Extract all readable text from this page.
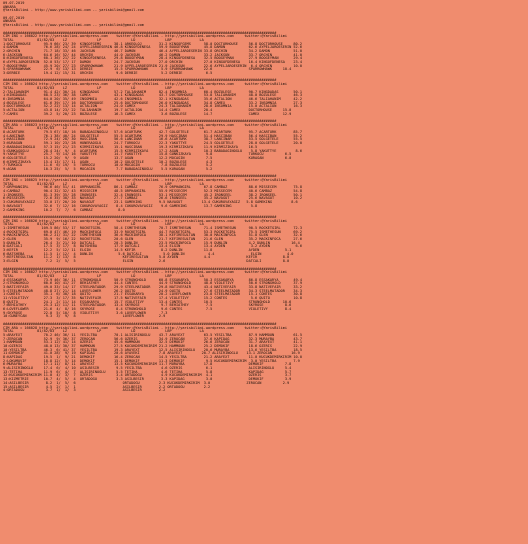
09.07.2019
ANKARA
@YarisBilimi - http://www.yarisbilimi.com -- yarisbilimi@gmail.com

09.07.2019
ANKARA
@YarisBilimi - http://www.yarisbilimi.com -- yarisbilimi@gmail.com

################################################################################################################################
CIM ING = 166022 http://yarisbilimi.wordpress.com    twitter:@YarisBilimi - http://yarisbilimi.wordpress.com     twitter:@YarisBilimi
TOTAL           81/82/83    LZ              LP              LD              LBP             LA
1:DOCTORHOUSE      95.9 66/ 23/ 39  KINGOFGEMS      38.1 ARKEOLOJ        31.2 KINGOFGEMS      58.0 DOCTORHOUSE     56.8 DOCTORHOUSE     80.2
4:DAMON            76.6 28/ 24/ 24  AYPELJAROESERIN 46.8 KINGOFDENESA    59.9 BOOGEYMAN       45.8 DAMON           62.6 AYPELJAROESERIN 52.6
2:ORCHIN           71.7 18/ 33/ 46  JACKSUN         46.7 DAMON           46.4 AYPELJAROESERIN 33.8 ORCHIN          34.2 DAMON           51.0
6:JACKSUN          64.6 16/ 52/ 44  ORCHIN          44.0 JACKSUN         46.2 DAMON           33.2 JACKSUN         33.7 ORCHIN          41.0
8:KINGOFDENESA     60.1 36/ 21/ 22  KINGOFDENESA    29.8 BOOGEYMAN       28.4 KINGOFDENESA    32.5 BOOGEYMAN       27.9 BOOGEYMAN       29.4
6:AYPELJAROESERIN  52.0 53/ 17/ 17  DAMON           24.7 JACKSUN         27.0 ORCHIN          27.0 KINGOFDENESA    16.4 KINGOFDENESA    23.4
7:BOOGEYMAN        45.9 20/ 27/ 23  SPARROWHAWK     21.9 AYPELJAROESERIN 21.9 JACKSUN         22.6 AYPELJAROESERIN  6.4 ORCHIN          10.0
5:SPARROWHAWK      22.9  6/ 13/ 13  DERBIE          15.5 SPARROWHAWK      5.9 SPARROWHAWK     22.6                 SPARROWHAWK     10.4
3:DERBIE           19.4 12/ 15/ 31  ORCHIN           9.6 DERBIE           5.2 DERBIE           6.5

################################################################################################################################
CIM ING = 166024 http://yarisbilimi.wordpress.com    twitter:@YarisBilimi - http://yarisbilimi.wordpress.com     twitter:@YarisBilimi
TOTAL           81/82/83    LZ              LP              LD              LBP             LA
2:TALIAHANIM       91.4 42/ 30/ 24  KINGDADAS       57.2 TALIAHANIM      82.4 INSOMNIA        60.4 BOZULESE        90.7 KINGDADAS       50.1
1:KINGDADAS        68.5 23/ 36/ 38  CAMEX           43.1 KINGDADAS       43.7 DOCTORHOUSE     53.8 TALIAHANIM      48.0 BOZULESE        46.3
6:INSOMNIA         64.0 20/ 35/ 49  INSOMNIA        42.6 INSOMNIA        32.1 KINGDADAS       35.6 ACTALION        46.6 TALIAHANIM      42.2
4:BOZULESE         61.6 39/ 17/ 16  DOCTORHOUSE     25.6 DOCTORHOUSE     26.0 KINGDADAS       34.8 CAMEX           33.2 INSOMNIA        27.3
3:DOCTORHOUSE      52.2 22/ 13/ 14  ACTALION        24.0 CAMEX           24.3 TALIAHANIM      28.6 INSOMNIA        15.0 ACTALION        16.3
5:ACTALION         43.8 14/ 23/ 22  TALIAHANIM      19.7 ACTALION        14.4 CAMEX           20.4                 DOCTORHOUSE     15.0
7:CAMEX            39.2  5/ 20/ 23  BOZULESE        16.3 CAMEX            3.6 BOZULESE        14.7                 CAMEX           12.9

################################################################################################################################
CIM ARA = 166023 http://yarisbilimi.wordpress.com    twitter:@YarisBilimi - http://yarisbilimi.wordpress.com     twitter:@YarisBilimi
TOTAL           81/82/83    LZ              LP              LD              LBP             LA
8:ACARTURK         79.5 67/ 18/ 16  BABADAGINOGLU   57.6 ACARTURK        42.7 GOLGETELE       61.7 ACARTURK        95.7 ACARTURK        85.7
4:LANCINAR         76.1 38/ 40/ 24  GOLGETELE       55.5 ACARTURK        29.9 HASCIBAN        51.4 HASCIBAN        56.4 HASCIBAN        55.2
1:HASCIBAN         72.9 24/ 28/ 30  HASCIBAN        56.6 LANCINAR        16.6 ACARTURK        38.7 LANCINAR        53.5 GOLGETELE       55.5
3:KURAGAN          59.1 10/ 23/ 28  HUNERAOGLU      24.7 TURKOCU         22.3 YAKUTTYE        24.5 GOLGETELE       28.0 GOLGETELE       20.0
2:BABADAGINOGLU    57.3 15/ 21/ 23  KIRMIZIKAYA     15.1 HASCIBAN        19.3 KIRMIZIKAYA     11.9 KIRMIZIKAYA     16.5
5:GUNKAGOGLU       28.4 24/  9/  4  ACARTURK        15.5 KIRMIZIKAYA     17.2 AGAN            10.3 BABADAGINOGLU    5.8 YAKUTTYE         8.6
9:YAKUTTYE         25.7  9/ 14/ 16  YAKUTTYE        14.7 YAKUTTYE        15.8 GUNKIZKAYA       9.8                 TURKOCU          6.5
6:GOLGETELE        15.2 20/  9/  9  AGAN            13.7 AGAN            12.2 MOCAGIN          7.5                 KURAGAN          6.0
6:KIRMIZIKAYA      15.4 13/ 17/ 11  AGAN            10.2 GOLGETELE       10.2 BOZULESE         4.3
7:TURKOCU          11.6  6/ 19/  5  TURKOCU         10.0 MOCAGIN          7.8 BOZULESE         5.2
9:AGAN             10.3 25/  5/  5  MOCAGIN          7.7 BABADAGINOGLU    5.5 KURAGAN          5.2

################################################################################################################################
CIM ING = 166025 http://yarisbilimi.wordpress.com    twitter:@YarisBilimi - http://yarisbilimi.wordpress.com     twitter:@YarisBilimi
TOTAL           81/82/83    LZ              LP              LD              LBP             LA
7:ORPHANGIRL       96.6 46/ 51/ 41  ORPHANGIRL      86.1 CAMBAZ          76.9 ORPHANGIRL      67.8 CAMBAZ          88.6 MISSECEM        75.8
4:CAMBAZ           90.4 32/ 32/ 43  MISSECEM        48.5 ORPHANGIRL      55.9 MISSECEM        52.3 MISSECEM        40.6 CAMBAZ          54.8
1:IRONSEEL         81.3 39/ 35/ 28  IRONSEEL        32.4 IRONSEEL        53.1 MISSECEM        45.2 IRONSEEL        38.2 IRONSEEL        50.1
6:MISSECEM         72.6 35/ 30/ 33  NAVAGUT         27.7 CAMBAZ          26.6 IRONSEEL        35.2 NAVAGUT         25.6 NAVAGUT         10.2
3:CUKUROVAYAGIZ    33.0 17/ 20/ 20  NAVAGUT         23.1 GAMEKING        9.5 NAVAGUT         13.4 CUKUROVAYAGIZ   5.8 GAMEKING         8.6
5:NAVAGUT          32.6  7/ 12/ 16  CUKUROVAYAGIZ    8.4 CUKUROVAYAGIZ    9.6 GAMEKING        13.7 GAMEKING         5.8
2:GAMEKING         10.2  7/  7/  6  CAMBAZ            8.0

################################################################################################################################
CIM ING = 166026 http://yarisbilimi.wordpress.com    twitter:@YarisBilimi - http://yarisbilimi.wordpress.com     twitter:@YarisBilimi
TOTAL           81/82/83    LZ              LP              LD              LBP             LA
1:ISMETHESUN      109.5 86/ 53/ 17  ROCKETGIRL      58.4 ISMETHESUN      70.7 ISMETHESUN      71.4 ISMETHESUN      90.5 ROCKETGIRL      72.3
4:ROCKETGIRL       69.0 47/ 46/ 19  MACKINFOCA      33.9 ROCKETGIRL      44.7 ROCKETGIRL      53.3 ROCKETGIRL      75.5 ISMETHESUN      69.2
9:MACKINFOCA       66.2 21/ 31/ 22  ISMETHESUN      36.6 MACKINFOCA      38.1 KEFIRESULTAN    30.0 MACKINFOCA      51.8 GLEN            32.6
2:GLEN             35.9  9/ 16/ 22  ROCKETGIRL      20.6 GLEN            21.7 KEFIRESULTAN    21.6 GLEN            35.2 MACKINFOCA      27.6
5:DUNLIN           26.4  3/ 21/ 10  DATCALI         20.3 DUNLIN          23.5 MACKINFOCA      15.9 DUNLIN          4.2 DUNLIN          16.4
8:DATCALI          17.5  3/ 17/  8  BATSHEBA        17.9 DATCALI         13.4 ELGIN           13.4 AYDEN            3.2 AYDEN            6.6
3:KEFIR            12.2  5/ 12/ 11  ELGIN           14.5 KEFIR            8.2 DUNLIN          11.8                 AYDEN            5.1
6:BATSHEBA         11.5  1/ 12/  4  DUNLIN            5.6 DATCALI          5.0 DUNLIN           4.4                 ELGIN            4.0
7:KEFIRESULTAN     11.2  1/ 13/  8                      KEFIRESULTAN     5.0 AYDEN            4.4                 KEFIR            8.0
3:ELGIN             7.2  2/  5/  5                      ELGIN            2.6                                      DATCALI          8.0

################################################################################################################################
CIM ING = 166027 http://yarisbilimi.wordpress.com    twitter:@YarisBilimi - http://yarisbilimi.wordpress.com     twitter:@YarisBilimi
TOTAL           81/82/83    LZ              LP              LD              LBP             LA
4:ESSAKARYA        73.9 46/ 36/ 11  STRONGHOLD      50.9 STRONGHOLD      60.8 ESSAKARYA       50.3 ESSAKARYA       86.8 ESSAKARYA       49.4
2:STRONGHOLD       60.6 10/ 41/ 27  BEHIATHEY       44.4 CONTES          44.9 STRONGHOLD      48.6 VIOLETIVY       50.6 STRONGHOLD      37.9
3:NATIVEFAIR       49.0 33/ 14/ 17  STEELMATADOR    29.9 STEELMATADOR    29.8 NATIVEFAIR      43.4 NATIVEFAIR      33.8 NATIVEFAIR      33.2
5:STEELMATADOR     48.8 27/ 21/ 14  LOVEFLOWER      26.2 QUITO           24.9 QUITO           27.6 STEELMATADOR    34.3 STEELMATADOR    34.3
1:CONTES           35.1  6/ 30/ 18  QUITO           21.7 ESSAKARYA       20.2 LOVEFLOWER      23.8 STEELMATADOR    15.1 CONTES          30.8
11:VIOLETIVY       27.3  3/ 17/ 35  NATIVEFAIR      17.5 NATIVEFAIR      17.4 VIOLETIVY       15.2 CONTES           5.6 QUITO           10.8
8:QUITO            24.1  2/ 11/ 14  ESSAKARYA       15.7 VIOLETIVY       13.4 CONTES          10.5                 STRONGHOLD      10.6
7:BEHIATHEY        25.3 12/ 11/ 11  STEELMATADOR    13.4 SKYROSE          9.7 BEHIATHEY        7.5                 SKYROSE          8.6
6:LOVEFLOWER       21.6  4/  8/ 16  SKYROSE          8.4 STRONGHOLD       9.6 CONTES           7.5                 VIOLETIVY        8.4
9:SKYROSE          22.0  5/ 10/  8  VIOLETIVY        3.6 LOVEFLOWER       7.3
10:GUNEYCAN         9.3  3/  9/  8                      LOVEFLOWER       2.9

################################################################################################################################
CIM ARA = 166028 http://yarisbilimi.wordpress.com    twitter:@YarisBilimi - http://yarisbilimi.wordpress.com     twitter:@YarisBilimi
TOTAL           81/82/83    LZ              LP              LD              LBP             LA
5:ARAYEXT          70.2 46/ 36/ 11  YESILTBA        70.1 ALISIRINOGLU    43.7 ARAYEXT         63.5 YESILTBA        87.9 HAMMOUN         61.5
7:ZEROCAN          52.9  9/ 36/ 37  ZEROCAN         56.6 OZERIS          34.9 ZEROCAN         37.6 KAPIDAG         32.3 MURAYBA         43.7
1:HAMMOUN          53.1 12/ 41/ 14  OZERIS          45.6 HAMMOUN         32.5 DEMOKIF         26.6 ZEROCAN         31.7 ARAYEXT         41.1
10:OZERIS          48.0 13/ 30/ 37  HAMMOUN         27.5 KUCUKDEMIRKIRIM 21.2 HAMMOUN         25.2 DEMOKIF         18.6 OZERIS          22.9
10:YESILTBA        46.3  6/ 41/ 37  YESILTBA        19.3 ARAYEXT         12.5 ALISIRINOGLU    20.6 MURAYBA         13.6 YESILTBA        18.5
11:DEMOKIF         41.0 28/  9/ 19  KAPIDAG         20.6 AYAVEKI         7.8 ARAYEXT         20.7 ALISIRINOGLU    13.1 ZEROCAN         16.9
8:KAPIDAG          19.5  1/  9/ 21  DEMOKIF         16.4 ZEROCAN         14.5 YESILTBA        21.2 ARAYEXT         11.0 KUCUKDEMIRKIRIM 10.0
2:LOKUMUVIF        18.8 12/  5/ 14  DEMOKIF         15.1 DEMOKIF         11.3 DEMOKIF          9.5 KUCUKDEMIRKIRIM  3.0 YESILTBA        7.9
6:MURAYBA          17.1 11/  8/ 11  ARAYEXT         13.5 KUCUKDEMIRKIRIM 11.7 MURAYBA         17.8                 DEMOKIF          7.8
9:ALISIRINOGLU     17.4  6/  4/ 10  ASILBESIR        9.5 YESILTBA         4.6 OZERIS           6.1                 ALISIRINOGLU     5.4
13:TETIHA          11.9  6/  4/  7  ALISIRINOGLU     5.5 TETIHA           4.6 TETIHA           5.8                 KAPIDAG          5.7
12:KUCUKDEMIRKIRIM 11.0  4/  3/  7  OZERIS           3.4 ORTADOGU         4.9 KUCUKDEMIRKIRIM  4.1                 OZERIS           3.7
13:KIZMETRIE       10.7  4/  5/  4  ORTADOGU         3.3 ASILBESIR        3.3 KAPIDAG          3.0                 DEMOKIF          3.9
14:ASILBESIR        8.2  1/  5/  6                      ORTADOGU         2.3 KUCUKDEMIRKIRIM  3.0                 ZEROCAN          2.9
15:ASILBESIR        4.5  2/  1/  1                      ASILBESIR        2.2 ORTADOGU         2.2
4:ORTADOGU          3.7  1/  1/  3                      ASILBESIR        2.2
